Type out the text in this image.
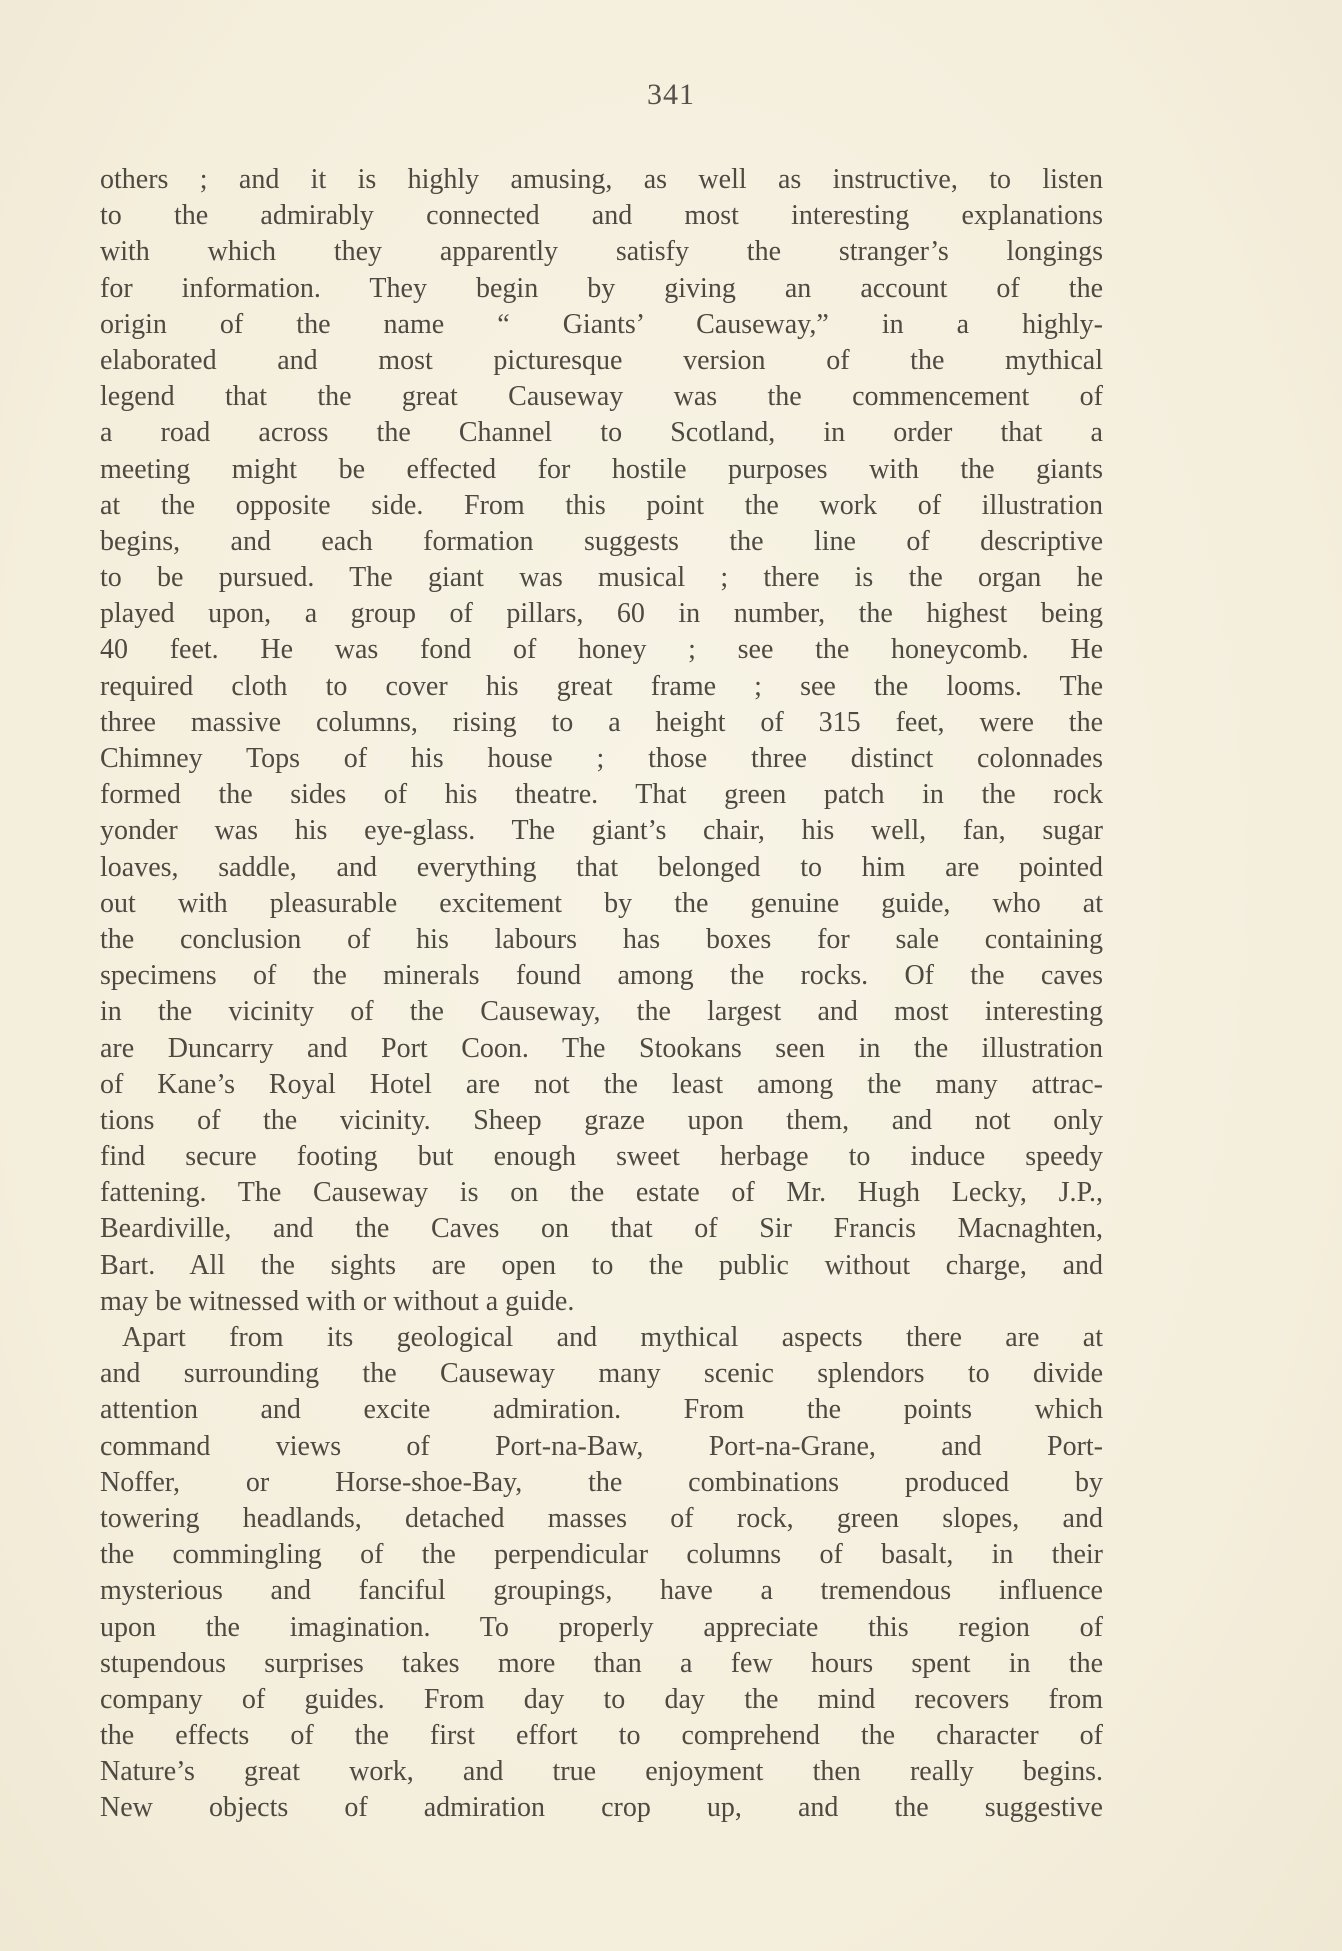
341
others ; and it is highly amusing, as well as instructive, to listen
to the admirably connected and most interesting explanations
with which they apparently satisfy the stranger’s longings
for information. They begin by giving an account of the
origin of the name “ Giants’ Causeway,” in a highly-
elaborated and most picturesque version of the mythical
legend that the great Causeway was the commencement of
a road across the Channel to Scotland, in order that a
meeting might be effected for hostile purposes with the giants
at the opposite side. From this point the work of illustration
begins, and each formation suggests the line of descriptive
to be pursued. The giant was musical ; there is the organ he
played upon, a group of pillars, 60 in number, the highest being
40 feet. He was fond of honey ; see the honeycomb. He
required cloth to cover his great frame ; see the looms. The
three massive columns, rising to a height of 315 feet, were the
Chimney Tops of his house ; those three distinct colonnades
formed the sides of his theatre. That green patch in the rock
yonder was his eye-glass. The giant’s chair, his well, fan, sugar
loaves, saddle, and everything that belonged to him are pointed
out with pleasurable excitement by the genuine guide, who at
the conclusion of his labours has boxes for sale containing
specimens of the minerals found among the rocks. Of the caves
in the vicinity of the Causeway, the largest and most interesting
are Duncarry and Port Coon. The Stookans seen in the illustration
of Kane’s Royal Hotel are not the least among the many attrac-
tions of the vicinity. Sheep graze upon them, and not only
find secure footing but enough sweet herbage to induce speedy
fattening. The Causeway is on the estate of Mr. Hugh Lecky, J.P.,
Beardiville, and the Caves on that of Sir Francis Macnaghten,
Bart. All the sights are open to the public without charge, and
may be witnessed with or without a guide.
Apart from its geological and mythical aspects there are at
and surrounding the Causeway many scenic splendors to divide
attention and excite admiration. From the points which
command views of Port-na-Baw, Port-na-Grane, and Port-
Noffer, or Horse-shoe-Bay, the combinations produced by
towering headlands, detached masses of rock, green slopes, and
the commingling of the perpendicular columns of basalt, in their
mysterious and fanciful groupings, have a tremendous influence
upon the imagination. To properly appreciate this region of
stupendous surprises takes more than a few hours spent in the
company of guides. From day to day the mind recovers from
the effects of the first effort to comprehend the character of
Nature’s great work, and true enjoyment then really begins.
New objects of admiration crop up, and the suggestive
